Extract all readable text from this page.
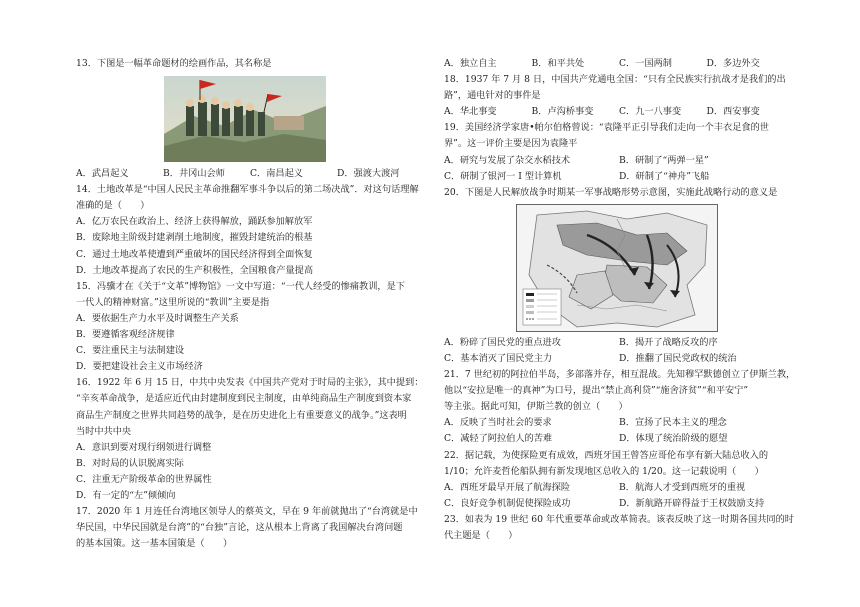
13．下图是一幅革命题材的绘画作品，其名称是
A．武昌起义	B．井冈山会师	C．南昌起义	D．强渡大渡河
14．土地改革是“中国人民民主革命推翻军事斗争以后的第二场决战”．对这句话理解
准确的是（　　）
A．亿万农民在政治上、经济上获得解放，踊跃参加解放军
B．废除地主阶级封建剥削土地制度，摧毁封建统治的根基
C．通过土地改革使遭到严重破坏的国民经济得到全面恢复
D．土地改革提高了农民的生产积极性，全国粮食产量提高
15．冯骥才在《关于“文革”博物馆》一文中写道：“一代人经受的惨痛教训，是下
一代人的精神财富。”这里所说的“教训”主要是指
A．要依据生产力水平及时调整生产关系
B．要遵循客观经济规律
C．要注重民主与法制建设
D．要把建设社会主义市场经济
16．1922 年 6 月 15 日，中共中央发表《中国共产党对于时局的主张》，其中提到：
“辛亥革命战争，是适应近代由封建制度到民主制度，由单纯商品生产制度到资本家
商品生产制度之世界共同趋势的战争，是在历史进化上有重要意义的战争。”这表明
当时中共中央
A．意识到要对现行纲领进行调整
B．对时局的认识脱离实际
C．注重无产阶级革命的世界属性
D．有一定的“左”倾倾向
17．2020 年 1 月连任台湾地区领导人的蔡英文，早在 9 年前就抛出了“台湾就是中
华民国，中华民国就是台湾”的“台独”言论，这从根本上背离了我国解决台湾问题
的基本国策。这一基本国策是（　　）
A．独立自主	B．和平共处	C．一国两制	D．多边外交
18．1937 年 7 月 8 日，中国共产党通电全国：“只有全民族实行抗战才是我们的出
路”，通电针对的事件是
A．华北事变	B．卢沟桥事变	C．九一八事变	D．西安事变
19．美国经济学家唐•帕尔伯格曾说：“袁隆平正引导我们走向一个丰衣足食的世
界”。这一评价主要是因为袁隆平
A．研究与发展了杂交水稻技术	B．研制了“两弹一星”
C．研制了银河一 I 型计算机	D．研制了“神舟”飞船
20．下图是人民解放战争时期某一军事战略形势示意图，实施此战略行动的意义是
A．粉碎了国民党的重点进攻	B．揭开了战略反攻的序
C．基本消灭了国民党主力	D．推翻了国民党政权的统治
21．7 世纪初的阿拉伯半岛，多部落并存，相互混战。先知穆罕默德创立了伊斯兰教，
他以“安拉是唯一的真神”为口号，提出“禁止高利贷”“施舍济贫”“和平安宁”
等主张。据此可知，伊斯兰教的创立（　　）
A．反映了当时社会的要求	B．宣扬了民本主义的理念
C．减轻了阿拉伯人的苦难	D．体现了统治阶级的愿望
22．据记载，为使探险更有成效，西班牙国王曾答应哥伦布享有新大陆总收入的
1/10；允许麦哲伦船队拥有新发现地区总收入的 1/20。这一记载说明（　　）
A．西班牙最早开展了航海探险	B．航海人才受到西班牙的重视
C．良好竞争机制促使探险成功	D．新航路开辟得益于王权鼓励支持
23．如表为 19 世纪 60 年代重要革命或改革简表。该表反映了这一时期各国共同的时
代主题是（　　）
